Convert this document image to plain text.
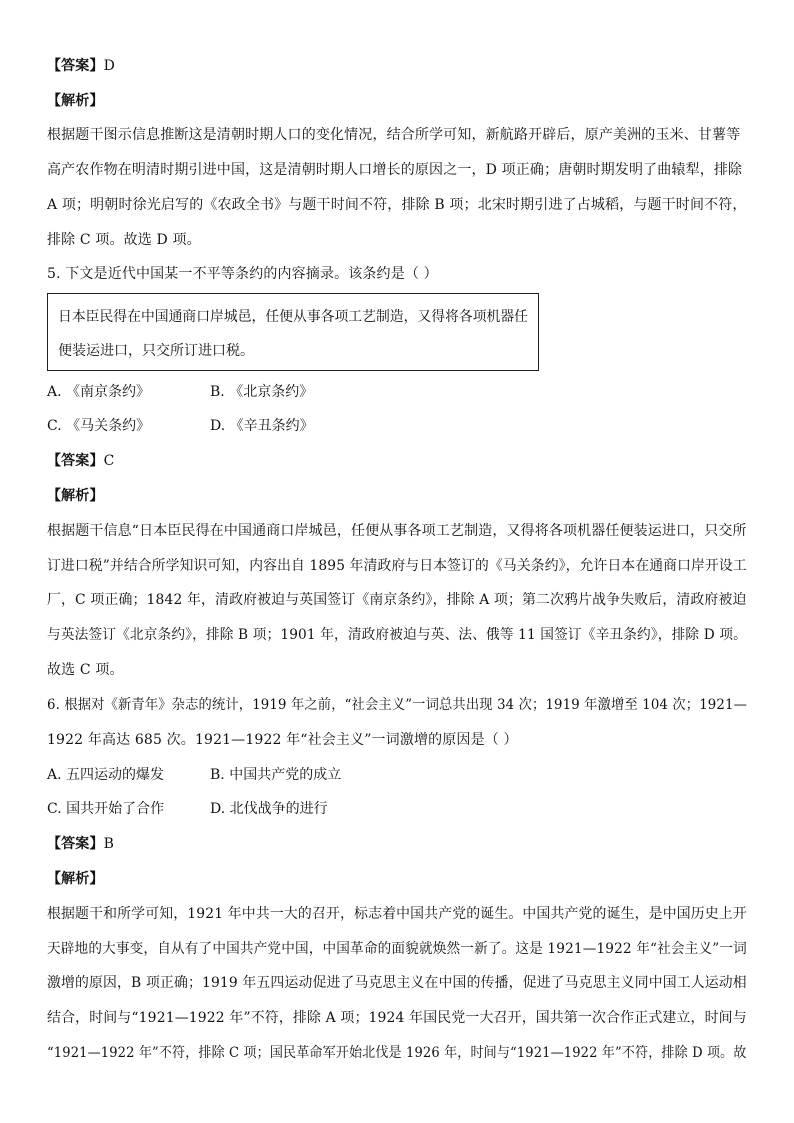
【答案】D
【解析】
根据题干图示信息推断这是清朝时期人口的变化情况，结合所学可知，新航路开辟后，原产美洲的玉米、甘薯等
高产农作物在明清时期引进中国，这是清朝时期人口增长的原因之一，D 项正确；唐朝时期发明了曲辕犁，排除
A 项；明朝时徐光启写的《农政全书》与题干时间不符，排除 B 项；北宋时期引进了占城稻，与题干时间不符，
排除 C 项。故选 D 项。
5. 下文是近代中国某一不平等条约的内容摘录。该条约是（ ）
日本臣民得在中国通商口岸城邑，任便从事各项工艺制造，又得将各项机器任
便装运进口，只交所订进口税。
A. 《南京条约》	B. 《北京条约》
C. 《马关条约》	D. 《辛丑条约》
【答案】C
【解析】
根据题干信息“日本臣民得在中国通商口岸城邑，任便从事各项工艺制造，又得将各项机器任便装运进口，只交所
订进口税”并结合所学知识可知，内容出自 1895 年清政府与日本签订的《马关条约》，允许日本在通商口岸开设工
厂，C 项正确；1842 年，清政府被迫与英国签订《南京条约》，排除 A 项；第二次鸦片战争失败后，清政府被迫
与英法签订《北京条约》，排除 B 项；1901 年，清政府被迫与英、法、俄等 11 国签订《辛丑条约》，排除 D 项。
故选 C 项。
6. 根据对《新青年》杂志的统计，1919 年之前，“社会主义”一词总共出现 34 次；1919 年激增至 104 次；1921—
1922 年高达 685 次。1921—1922 年“社会主义”一词激增的原因是（ ）
A. 五四运动的爆发	B. 中国共产党的成立
C. 国共开始了合作	D. 北伐战争的进行
【答案】B
【解析】
根据题干和所学可知，1921 年中共一大的召开，标志着中国共产党的诞生。中国共产党的诞生，是中国历史上开
天辟地的大事变，自从有了中国共产党中国，中国革命的面貌就焕然一新了。这是 1921—1922 年“社会主义”一词
激增的原因，B 项正确；1919 年五四运动促进了马克思主义在中国的传播，促进了马克思主义同中国工人运动相
结合，时间与“1921—1922 年”不符，排除 A 项；1924 年国民党一大召开，国共第一次合作正式建立，时间与
“1921—1922 年”不符，排除 C 项；国民革命军开始北伐是 1926 年，时间与“1921—1922 年”不符，排除 D 项。故
